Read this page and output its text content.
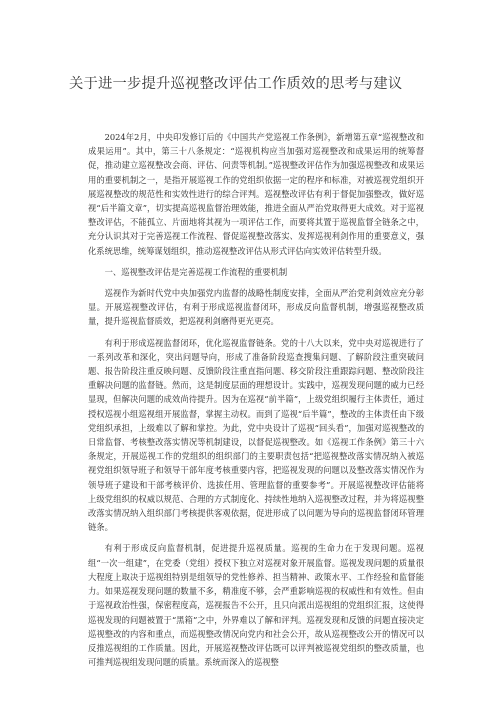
关于进一步提升巡视整改评估工作质效的思考与建议

2024年2月，中央印发修订后的《中国共产党巡视工作条例》，新增第五章“巡视整改和成果运用”。其中，第三十八条规定：“巡视机构应当加强对巡视整改和成果运用的统筹督促，推动建立巡视整改会商、评估、问责等机制。”巡视整改评估作为加强巡视整改和成果运用的重要机制之一，是指开展巡视工作的党组织依据一定的程序和标准，对被巡视党组织开展巡视整改的规范性和实效性进行的综合评判。巡视整改评估有利于督促加强整改，做好巡视“后半篇文章”，切实提高巡视监督治理效能，推进全面从严治党取得更大成效。对于巡视整改评估，不能孤立、片面地将其视为一项评估工作，而要将其置于巡视监督全链条之中，充分认识其对于完善巡视工作流程、督促巡视整改落实、发挥巡视利剑作用的重要意义，强化系统思维，统筹谋划组织，推动巡视整改评估从形式评估向实效评估转型升级。

一、巡视整改评估是完善巡视工作流程的重要机制

巡视作为新时代党中央加强党内监督的战略性制度安排，全面从严治党利剑效应充分彰显。开展巡视整改评估，有利于形成巡视监督闭环，形成反向监督机制，增强巡视整改质量，提升巡视监督质效，把巡视利剑磨得更光更亮。

有利于形成巡视监督闭环，优化巡视监督链条。党的十八大以来，党中央对巡视进行了一系列改革和深化，突出问题导向，形成了准备阶段巡查搜集问题、了解阶段注重突破问题、报告阶段注重反映问题、反馈阶段注重直指问题、移交阶段注重跟踪问题、整改阶段注重解决问题的监督链。然而，这是制度层面的理想设计。实践中，巡视发现问题的威力已经显现，但解决问题的成效尚待提升。因为在巡视“前半篇”，上级党组织履行主体责任，通过授权巡视小组巡视组开展监督，掌握主动权。而到了巡视“后半篇”，整改的主体责任由下级党组织承担，上级难以了解和掌控。为此，党中央设计了巡视“回头看”，加强对巡视整改的日常监督、考核整改落实情况等机制建设，以督促巡视整改。如《巡视工作条例》第三十六条规定，开展巡视工作的党组织的组织部门的主要职责包括“把巡视整改落实情况纳入被巡视党组织领导班子和领导干部年度考核重要内容，把巡视发现的问题以及整改落实情况作为领导班子建设和干部考核评价、选拔任用、管理监督的重要参考”。开展巡视整改评估能将上级党组织的权威以规范、合理的方式制度化、持续性地纳入巡视整改过程，并为将巡视整改落实情况纳入组织部门考核提供客观依据，促进形成了以问题为导向的巡视监督闭环管理链条。

有利于形成反向监督机制，促进提升巡视质量。巡视的生命力在于发现问题。巡视组“一次一组建”，在党委（党组）授权下独立对巡视对象开展监督。巡视发现问题的质量很大程度上取决于巡视组特别是组领导的党性修养、担当精神、政策水平、工作经验和监督能力。如果巡视发现问题的数量不多，精准度不够，会严重影响巡视的权威性和有效性。但由于巡视政治性强，保密程度高，巡视报告不公开，且只向派出巡视组的党组织汇报，这使得巡视发现的问题被置于“黑箱”之中，外界难以了解和评判。巡视发现和反馈的问题直接决定巡视整改的内容和重点，而巡视整改情况向党内和社会公开，故从巡视整改公开的情况可以反推巡视组的工作质量。因此，开展巡视整改评估既可以评判被巡视党组织的整改质量，也可推判巡视组发现问题的质量。系统而深入的巡视整
